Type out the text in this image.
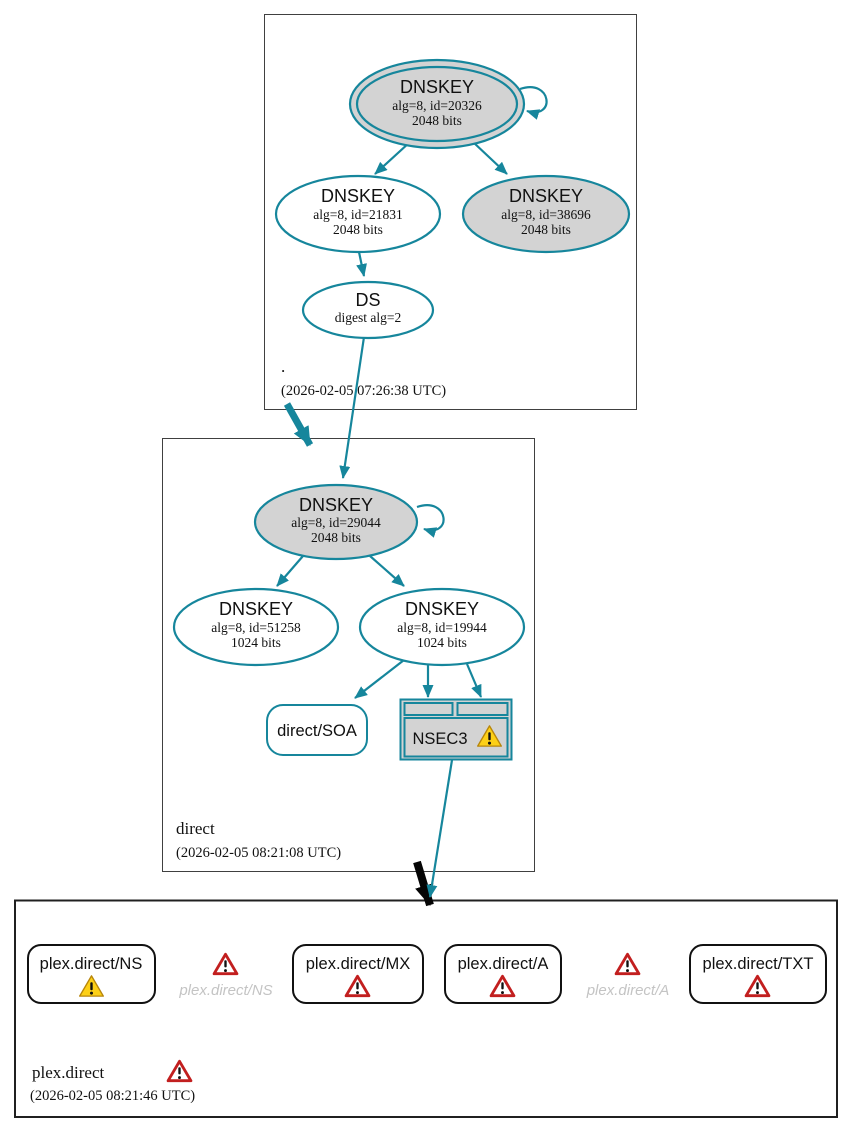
DNSKEY
alg=8, id=20326
2048 bits
DNSKEY
alg=8, id=21831
2048 bits
DNSKEY
alg=8, id=38696
2048 bits
DS
digest alg=2
.
(2026-02-05 07:26:38 UTC)
DNSKEY
alg=8, id=29044
2048 bits
DNSKEY
alg=8, id=51258
1024 bits
DNSKEY
alg=8, id=19944
1024 bits
direct/SOA	NSEC3
direct
(2026-02-05 08:21:08 UTC)
plex.direct/NS
plex.direct/NS
plex.direct/MX	plex.direct/A
plex.direct/A
plex.direct/TXT
plex.direct
(2026-02-05 08:21:46 UTC)
